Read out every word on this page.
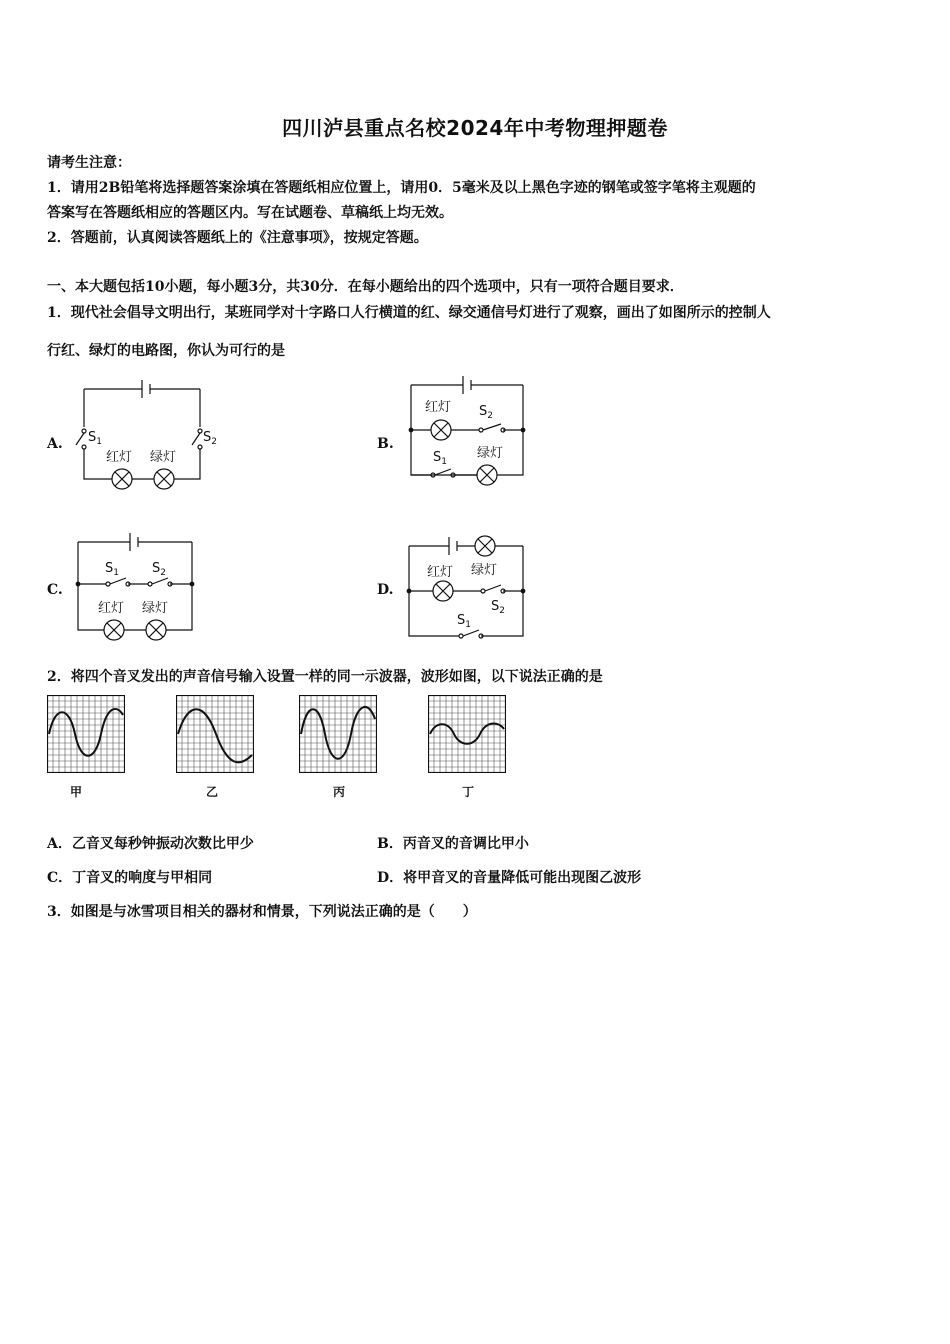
四川泸县重点名校2024年中考物理押题卷
请考生注意：
1．请用2B铅笔将选择题答案涂填在答题纸相应位置上，请用0．5毫米及以上黑色字迹的钢笔或签字笔将主观题的
答案写在答题纸相应的答题区内。写在试题卷、草稿纸上均无效。
2．答题前，认真阅读答题纸上的《注意事项》，按规定答题。
一、本大题包括10小题，每小题3分，共30分．在每小题给出的四个选项中，只有一项符合题目要求．
1．现代社会倡导文明出行，某班同学对十字路口人行横道的红、绿交通信号灯进行了观察，画出了如图所示的控制人
行红、绿灯的电路图，你认为可行的是
A. $S_1$	$S_2$
红灯 绿灯
B.
红灯 $S_2$
$S_1$
绿灯
C.
$S_1$	$S_2$
红灯 绿灯
D.
红灯 绿灯
$S_2$
$S_1$
2．将四个音叉发出的声音信号输入设置一样的同一示波器，波形如图，以下说法正确的是
甲	乙	丙	丁
A．乙音叉每秒钟振动次数比甲少	B．丙音叉的音调比甲小
C．丁音叉的响度与甲相同	D．将甲音叉的音量降低可能出现图乙波形
3．如图是与冰雪项目相关的器材和情景，下列说法正确的是（　　）
